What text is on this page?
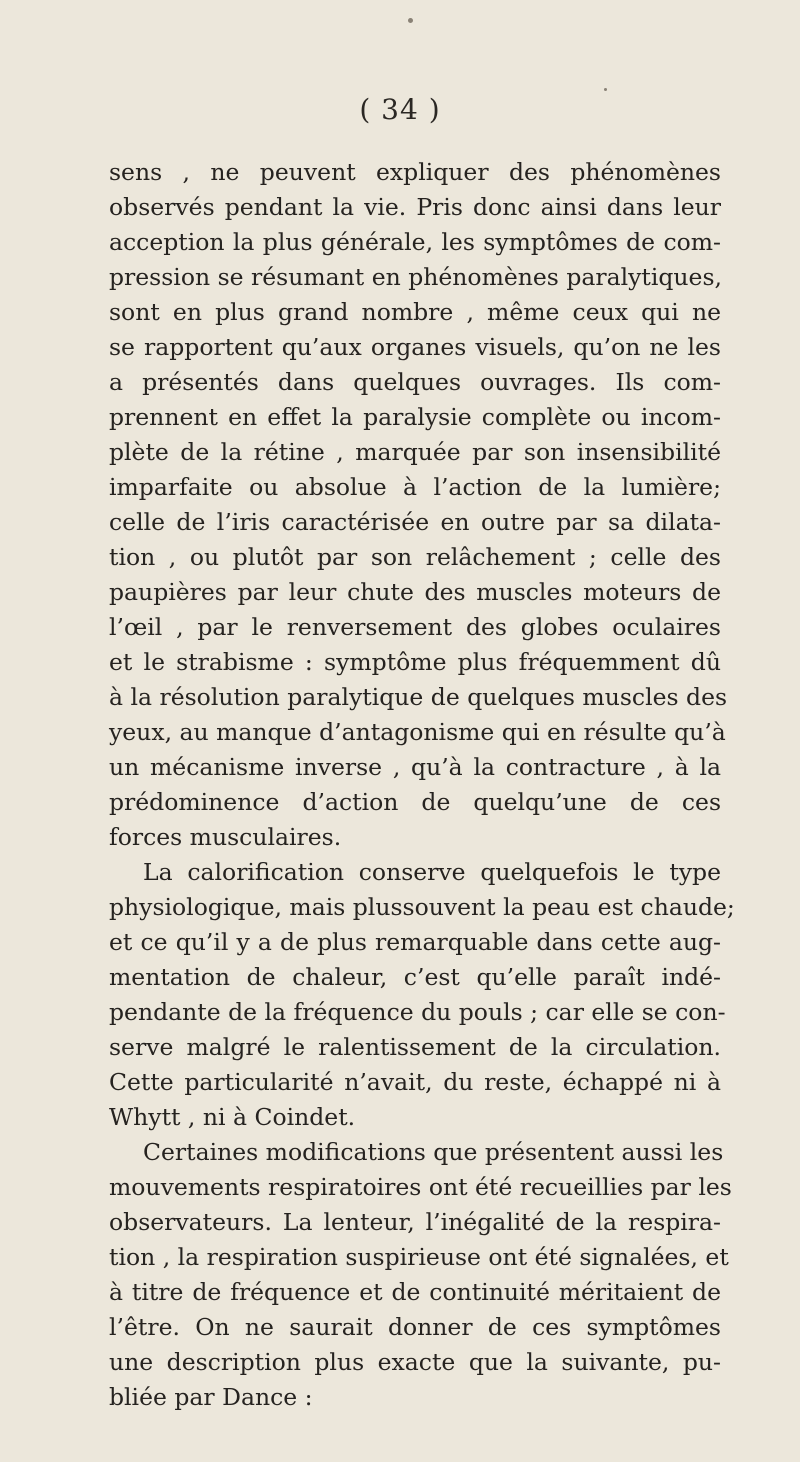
( 34 )
sens , ne peuvent expliquer des phénomènes
observés pendant la vie. Pris donc ainsi dans leur
acception la plus générale, les symptômes de com-
pression se résumant en phénomènes paralytiques,
sont en plus grand nombre , même ceux qui ne
se rapportent qu’aux organes visuels, qu’on ne les
a présentés dans quelques ouvrages. Ils com-
prennent en effet la paralysie complète ou incom-
plète de la rétine , marquée par son insensibilité
imparfaite ou absolue à l’action de la lumière;
celle de l’iris caractérisée en outre par sa dilata-
tion , ou plutôt par son relâchement ; celle des
paupières par leur chute des muscles moteurs de
l’œil , par le renversement des globes oculaires
et le strabisme : symptôme plus fréquemment dû
à la résolution paralytique de quelques muscles des
yeux, au manque d’antagonisme qui en résulte qu’à
un mécanisme inverse , qu’à la contracture , à la
prédominence d’action de quelqu’une de ces
forces musculaires.
La calorification conserve quelquefois le type
physiologique, mais plussouvent la peau est chaude;
et ce qu’il y a de plus remarquable dans cette aug-
mentation de chaleur, c’est qu’elle paraît indé-
pendante de la fréquence du pouls ; car elle se con-
serve malgré le ralentissement de la circulation.
Cette particularité n’avait, du reste, échappé ni à
Whytt , ni à Coindet.
Certaines modifications que présentent aussi les
mouvements respiratoires ont été recueillies par les
observateurs. La lenteur, l’inégalité de la respira-
tion , la respiration suspirieuse ont été signalées, et
à titre de fréquence et de continuité méritaient de
l’être. On ne saurait donner de ces symptômes
une description plus exacte que la suivante, pu-
bliée par Dance :
